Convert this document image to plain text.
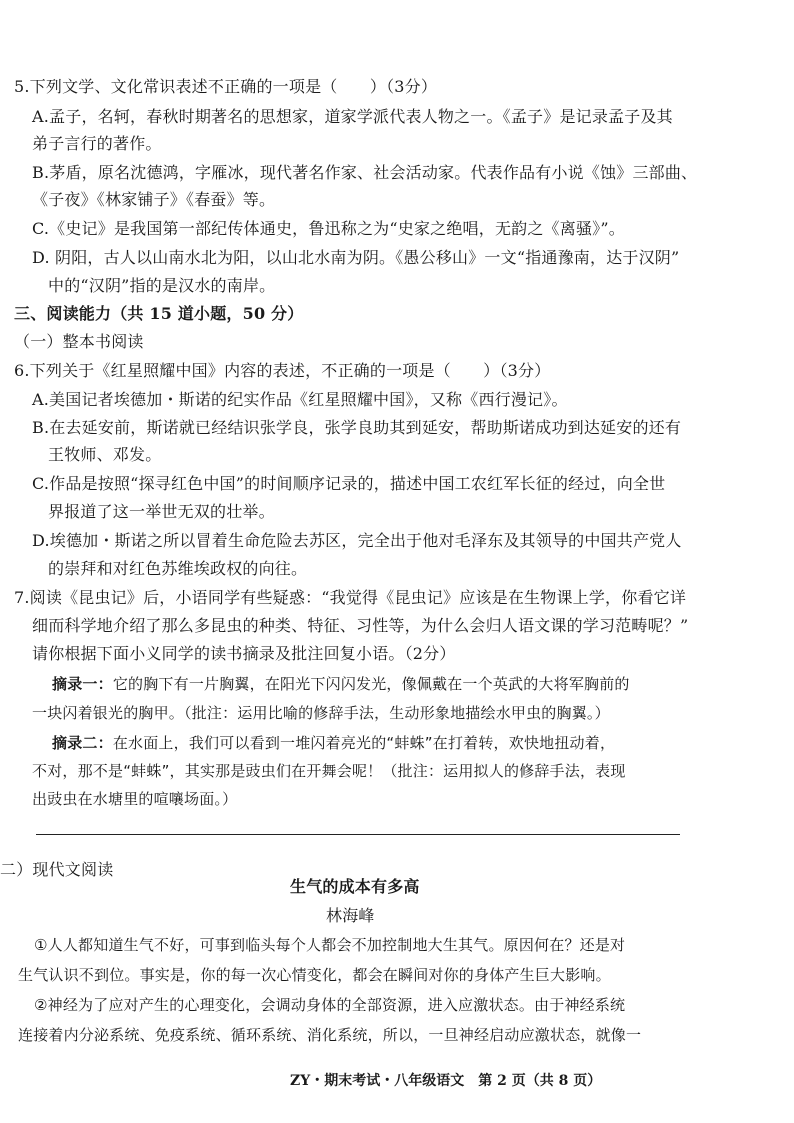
5.下列文学、文化常识表述不正确的一项是（　　）（3分）
A.孟子，名轲，春秋时期著名的思想家，道家学派代表人物之一。《孟子》是记录孟子及其
弟子言行的著作。
B.茅盾，原名沈德鸿，字雁冰，现代著名作家、社会活动家。代表作品有小说《蚀》三部曲、
《子夜》《林家铺子》《春蚕》等。
C.《史记》是我国第一部纪传体通史，鲁迅称之为“史家之绝唱，无韵之《离骚》”。
D. 阴阳，古人以山南水北为阳，以山北水南为阴。《愚公移山》一文“指通豫南，达于汉阴”
中的“汉阴”指的是汉水的南岸。
三、阅读能力（共 15 道小题，50 分）
（一）整本书阅读
6.下列关于《红星照耀中国》内容的表述，不正确的一项是（　　）（3分）
A.美国记者埃德加・斯诺的纪实作品《红星照耀中国》，又称《西行漫记》。
B.在去延安前，斯诺就已经结识张学良，张学良助其到延安，帮助斯诺成功到达延安的还有
王牧师、邓发。
C.作品是按照“探寻红色中国”的时间顺序记录的，描述中国工农红军长征的经过，向全世
界报道了这一举世无双的壮举。
D.埃德加・斯诺之所以冒着生命危险去苏区，完全出于他对毛泽东及其领导的中国共产党人
的崇拜和对红色苏维埃政权的向往。
7.阅读《昆虫记》后，小语同学有些疑惑：“我觉得《昆虫记》应该是在生物课上学，你看它详
细而科学地介绍了那么多昆虫的种类、特征、习性等，为什么会归人语文课的学习范畴呢？”
请你根据下面小义同学的读书摘录及批注回复小语。（2分）
摘录一：它的胸下有一片胸翼，在阳光下闪闪发光，像佩戴在一个英武的大将军胸前的
一块闪着银光的胸甲。（批注：运用比喻的修辞手法，生动形象地描绘水甲虫的胸翼。）
摘录二：在水面上，我们可以看到一堆闪着亮光的“蚌蛛”在打着转，欢快地扭动着，
不对，那不是“蚌蛛”，其实那是豉虫们在开舞会呢！（批注：运用拟人的修辞手法，表现
出豉虫在水塘里的喧嚷场面。）
二）现代文阅读
生气的成本有多高
林海峰
①人人都知道生气不好，可事到临头每个人都会不加控制地大生其气。原因何在？还是对
生气认识不到位。事实是，你的每一次心情变化，都会在瞬间对你的身体产生巨大影响。
②神经为了应对产生的心理变化，会调动身体的全部资源，进入应激状态。由于神经系统
连接着内分泌系统、免疫系统、循环系统、消化系统，所以，一旦神经启动应激状态，就像一
ZY・期末考试・八年级语文　第 2 页（共 8 页）
